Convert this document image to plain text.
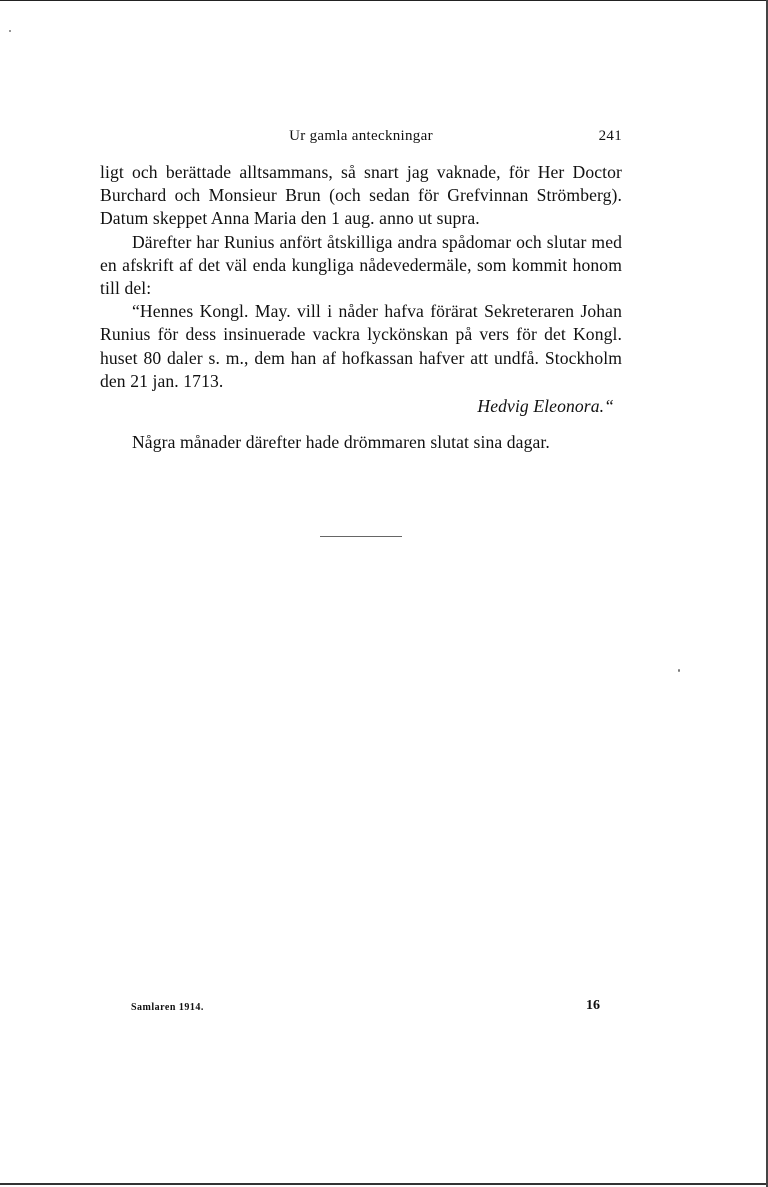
Ur gamla anteckningar	241

ligt och berättade alltsammans, så snart jag vaknade, för Her Doctor Burchard och Monsieur Brun (och sedan för Grefvinnan Strömberg). Datum skeppet Anna Maria den 1 aug. anno ut supra.

Därefter har Runius anfört åtskilliga andra spådomar och slutar med en afskrift af det väl enda kungliga nådevedermäle, som kommit honom till del:

“Hennes Kongl. May. vill i nåder hafva förärat Sekreteraren Johan Runius för dess insinuerade vackra lyckönskan på vers för det Kongl. huset 80 daler s. m., dem han af hofkassan hafver att undfå. Stockholm den 21 jan. 1713.

Hedvig Eleonora.“

Några månader därefter hade drömmaren slutat sina dagar.

Samlaren 1914.	16
